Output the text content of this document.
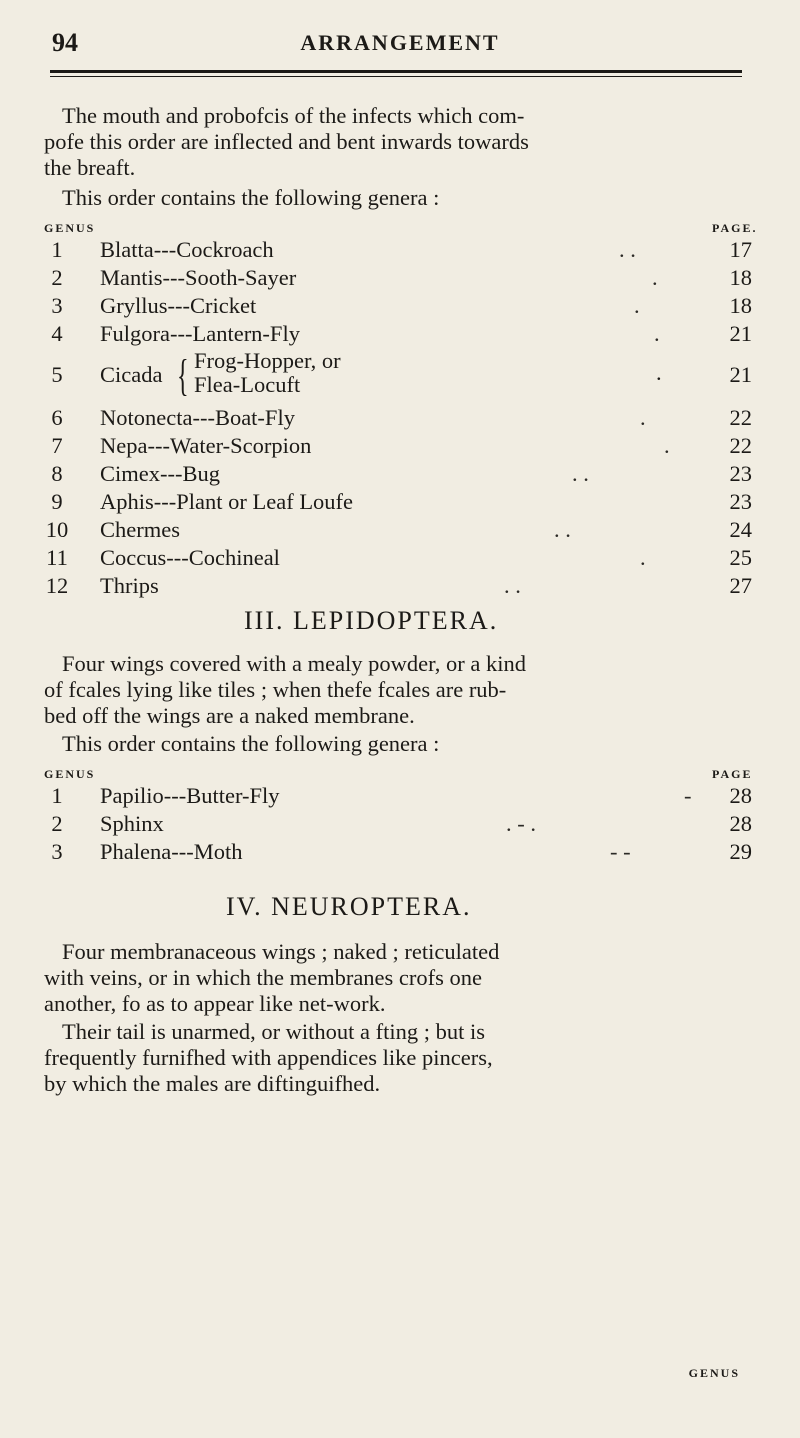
94	ARRANGEMENT

The mouth and probofcis of the infects which com-

pofe this order are inflected and bent inwards towards

the breaft.

This order contains the following genera :

GENUS	PAGE.
1	Blatta---Cockroach	. .	17
2	Mantis---Sooth-Sayer	.	18
3	Gryllus---Cricket	.	18
4	Fulgora---Lantern-Fly	.	21
5	Cicada { Frog-Hopper, or
Flea-Locuft	.	21
6	Notonecta---Boat-Fly	.	22
7	Nepa---Water-Scorpion	.	22
8	Cimex---Bug	. .	23
9	Aphis---Plant or Leaf Loufe	23
10 Chermes	. .	24
11 Coccus---Cochineal	.	25
12 Thrips	. .	27
III. LEPIDOPTERA.

Four wings covered with a mealy powder, or a kind

of fcales lying like tiles ; when thefe fcales are rub-

bed off the wings are a naked membrane.

This order contains the following genera :

GENUS	PAGE
1	Papilio---Butter-Fly	-	28
2	Sphinx	. - .	28
3	Phalena---Moth	- -	29
IV. NEUROPTERA.

Four membranaceous wings ; naked ; reticulated

with veins, or in which the membranes crofs one

another, fo as to appear like net-work.

Their tail is unarmed, or without a fting ; but is

frequently furnifhed with appendices like pincers,

by which the males are diftinguifhed.

GENUS
